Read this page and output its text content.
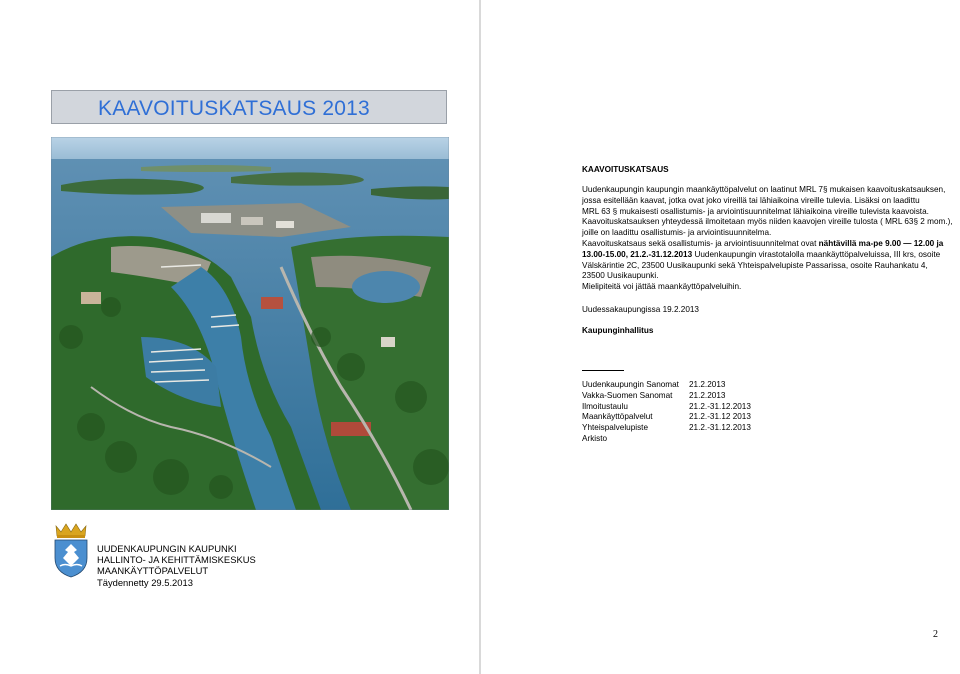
KAAVOITUSKATSAUS 2013
UUDENKAUPUNGIN KAUPUNKI
HALLINTO- JA KEHITTÄMISKESKUS
MAANKÄYTTÖPALVELUT
Täydennetty 29.5.2013
KAAVOITUSKATSAUS
Uudenkaupungin kaupungin maankäyttöpalvelut on laatinut MRL 7§ mukaisen kaavoituskatsauksen,
jossa esitellään kaavat, jotka ovat joko vireillä tai lähiaikoina vireille tulevia. Lisäksi on laadittu
MRL 63 § mukaisesti osallistumis- ja arviointisuunnitelmat lähiaikoina vireille tulevista kaavoista.
Kaavoituskatsauksen yhteydessä ilmoitetaan myös niiden kaavojen vireille tulosta ( MRL 63§ 2 mom.),
joille on laadittu osallistumis- ja arviointisuunnitelma.
Kaavoituskatsaus sekä osallistumis- ja arviointisuunnitelmat ovat nähtävillä ma-pe 9.00 — 12.00 ja
13.00-15.00, 21.2.-31.12.2013 Uudenkaupungin virastotalolla maankäyttöpalveluissa, III krs, osoite
Välskärintie 2C, 23500 Uusikaupunki sekä Yhteispalvelupiste Passarissa, osoite Rauhankatu 4,
23500 Uusikaupunki.
Mielipiteitä voi jättää maankäyttöpalveluihin.
Uudessakaupungissa 19.2.2013
Kaupunginhallitus
Uudenkaupungin Sanomat 21.2.2013
Vakka-Suomen Sanomat 21.2.2013
Ilmoitustaulu	21.2.-31.12.2013
Maankäyttöpalvelut	21.2.-31.12 2013
Yhteispalvelupiste	21.2.-31.12.2013
Arkisto
2
